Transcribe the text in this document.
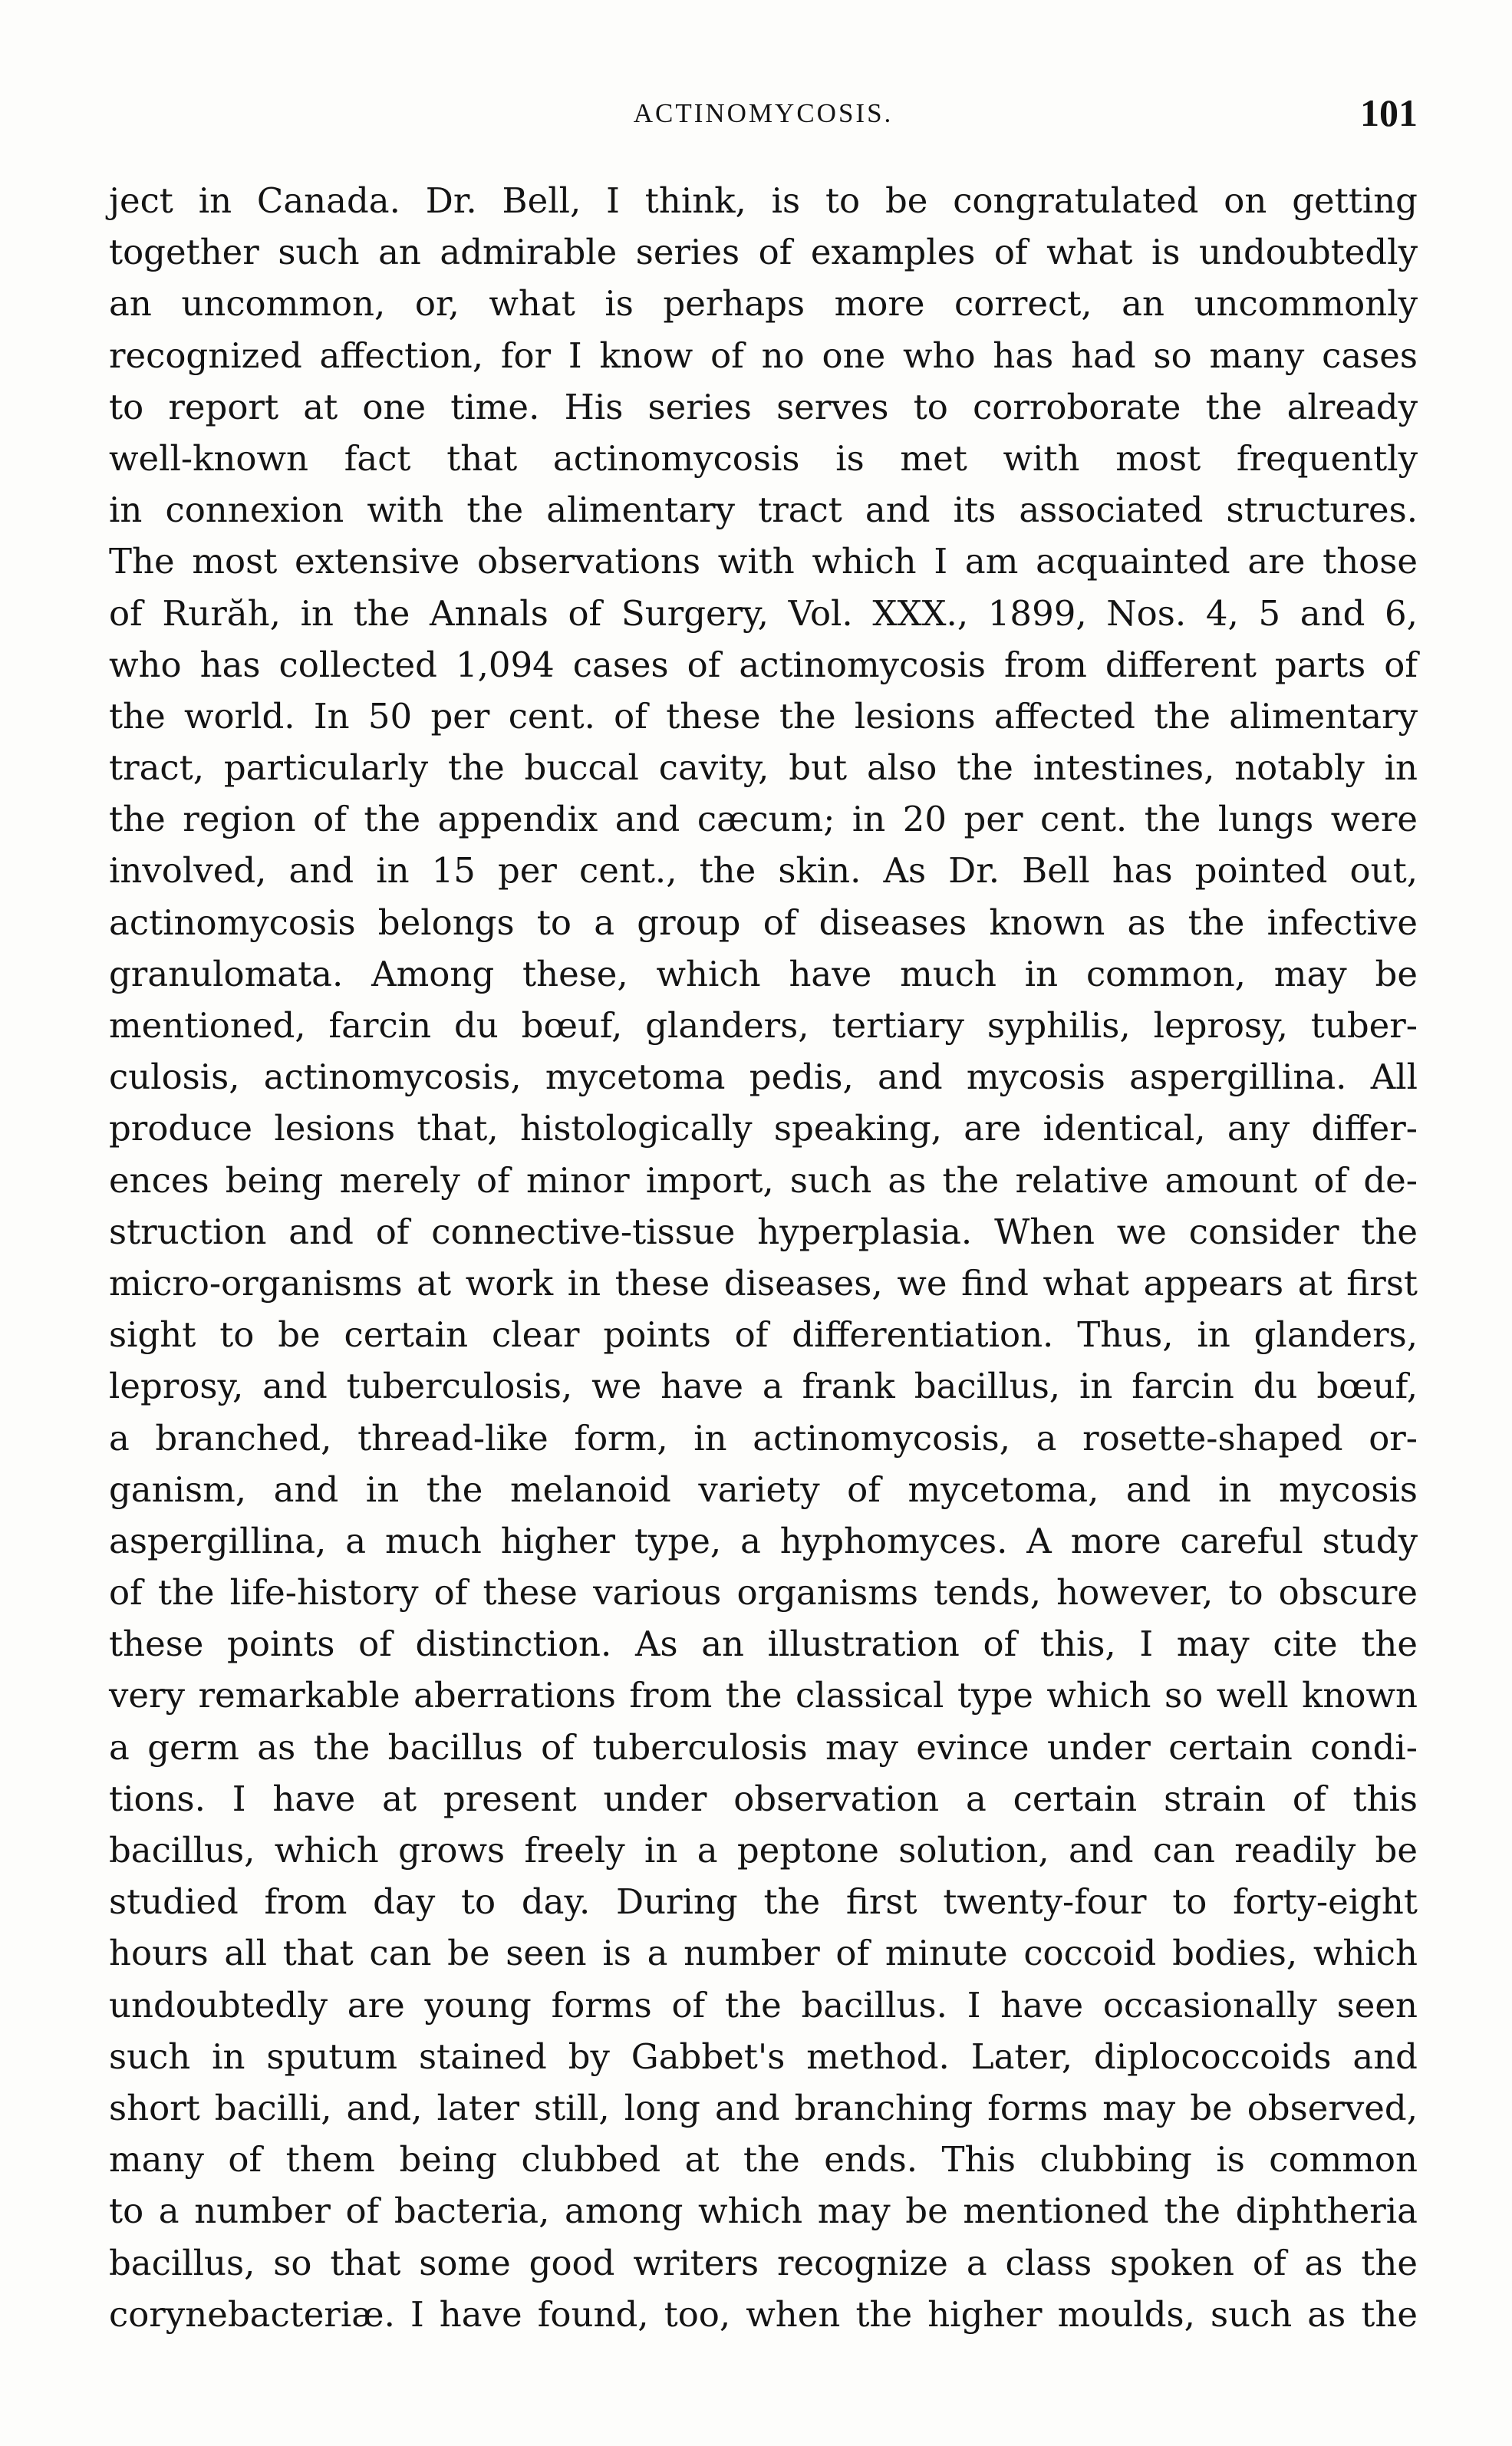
ACTINOMYCOSIS.	101
ject in Canada. Dr. Bell, I think, is to be congratulated on getting
together such an admirable series of examples of what is undoubtedly
an uncommon, or, what is perhaps more correct, an uncommonly
recognized affection, for I know of no one who has had so many cases
to report at one time. His series serves to corroborate the already
well-known fact that actinomycosis is met with most frequently
in connexion with the alimentary tract and its associated structures.
The most extensive observations with which I am acquainted are those
of Rurăh, in the Annals of Surgery, Vol. XXX., 1899, Nos. 4, 5 and 6,
who has collected 1,094 cases of actinomycosis from different parts of
the world. In 50 per cent. of these the lesions affected the alimentary
tract, particularly the buccal cavity, but also the intestines, notably in
the region of the appendix and cæcum; in 20 per cent. the lungs were
involved, and in 15 per cent., the skin. As Dr. Bell has pointed out,
actinomycosis belongs to a group of diseases known as the infective
granulomata. Among these, which have much in common, may be
mentioned, farcin du bœuf, glanders, tertiary syphilis, leprosy, tuber-
culosis, actinomycosis, mycetoma pedis, and mycosis aspergillina. All
produce lesions that, histologically speaking, are identical, any differ-
ences being merely of minor import, such as the relative amount of de-
struction and of connective-tissue hyperplasia. When we consider the
micro-organisms at work in these diseases, we find what appears at first
sight to be certain clear points of differentiation. Thus, in glanders,
leprosy, and tuberculosis, we have a frank bacillus, in farcin du bœuf,
a branched, thread-like form, in actinomycosis, a rosette-shaped or-
ganism, and in the melanoid variety of mycetoma, and in mycosis
aspergillina, a much higher type, a hyphomyces. A more careful study
of the life-history of these various organisms tends, however, to obscure
these points of distinction. As an illustration of this, I may cite the
very remarkable aberrations from the classical type which so well known
a germ as the bacillus of tuberculosis may evince under certain condi-
tions. I have at present under observation a certain strain of this
bacillus, which grows freely in a peptone solution, and can readily be
studied from day to day. During the first twenty-four to forty-eight
hours all that can be seen is a number of minute coccoid bodies, which
undoubtedly are young forms of the bacillus. I have occasionally seen
such in sputum stained by Gabbet's method. Later, diplococcoids and
short bacilli, and, later still, long and branching forms may be observed,
many of them being clubbed at the ends. This clubbing is common
to a number of bacteria, among which may be mentioned the diphtheria
bacillus, so that some good writers recognize a class spoken of as the
corynebacteriæ. I have found, too, when the higher moulds, such as the
